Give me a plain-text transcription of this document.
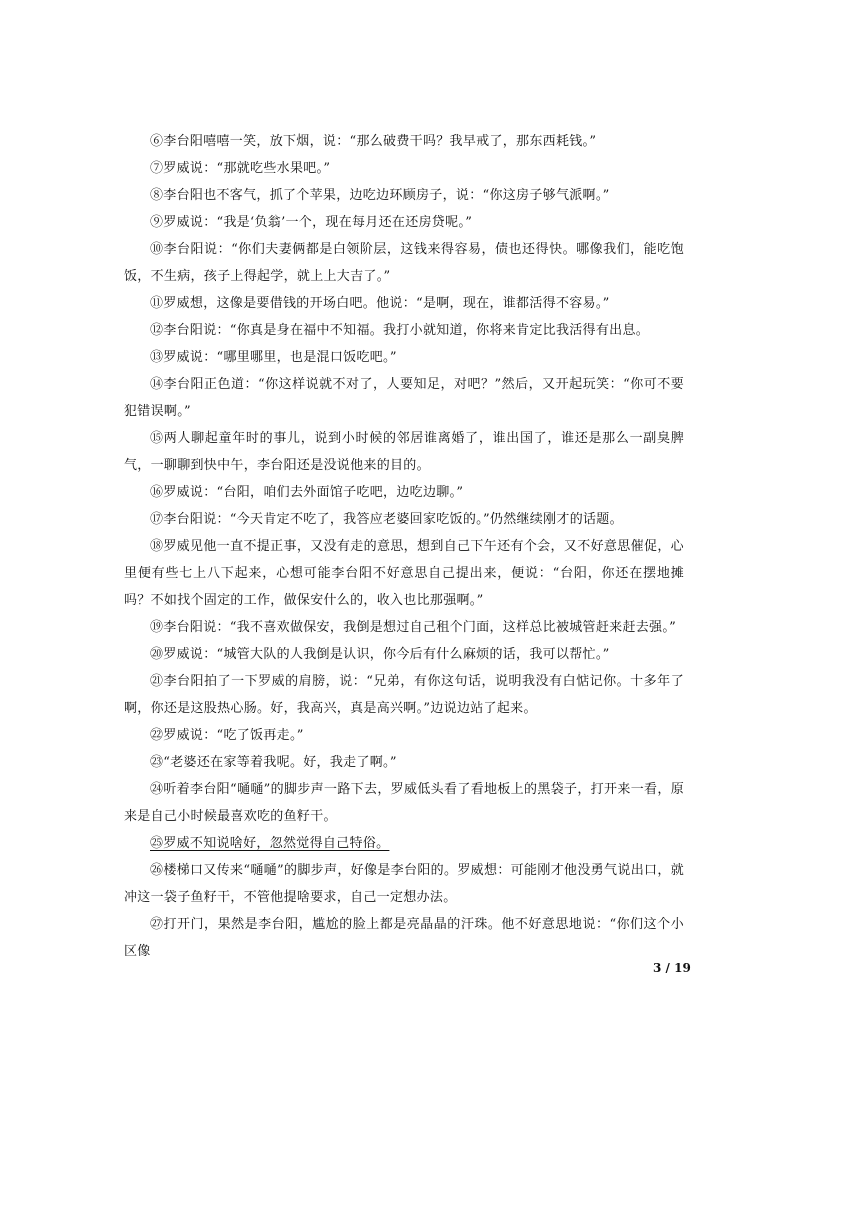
⑥李台阳嘻嘻一笑，放下烟，说：“那么破费干吗？我早戒了，那东西耗钱。”

⑦罗威说：“那就吃些水果吧。”

⑧李台阳也不客气，抓了个苹果，边吃边环顾房子，说：“你这房子够气派啊。”

⑨罗威说：“我是‘负翁’一个，现在每月还在还房贷呢。”

⑩李台阳说：“你们夫妻俩都是白领阶层，这钱来得容易，债也还得快。哪像我们，能吃饱饭，不生病，孩子上得起学，就上上大吉了。”

⑪罗威想，这像是要借钱的开场白吧。他说：“是啊，现在，谁都活得不容易。”

⑫李台阳说：“你真是身在福中不知福。我打小就知道，你将来肯定比我活得有出息。

⑬罗威说：“哪里哪里，也是混口饭吃吧。”

⑭李台阳正色道：“你这样说就不对了，人要知足，对吧？”然后，又开起玩笑：“你可不要犯错误啊。”

⑮两人聊起童年时的事儿，说到小时候的邻居谁离婚了，谁出国了，谁还是那么一副臭脾气，一聊聊到快中午，李台阳还是没说他来的目的。

⑯罗威说：“台阳，咱们去外面馆子吃吧，边吃边聊。”

⑰李台阳说：“今天肯定不吃了，我答应老婆回家吃饭的。”仍然继续刚才的话题。

⑱罗威见他一直不提正事，又没有走的意思，想到自己下午还有个会，又不好意思催促，心里便有些七上八下起来，心想可能李台阳不好意思自己提出来，便说：“台阳，你还在摆地摊吗？不如找个固定的工作，做保安什么的，收入也比那强啊。”

⑲李台阳说：“我不喜欢做保安，我倒是想过自己租个门面，这样总比被城管赶来赶去强。”

⑳罗威说：“城管大队的人我倒是认识，你今后有什么麻烦的话，我可以帮忙。”

㉑李台阳拍了一下罗威的肩膀，说：“兄弟，有你这句话，说明我没有白惦记你。十多年了啊，你还是这股热心肠。好，我高兴，真是高兴啊。”边说边站了起来。

㉒罗威说：“吃了饭再走。”

㉓“老婆还在家等着我呢。好，我走了啊。”

㉔听着李台阳“嗵嗵”的脚步声一路下去，罗威低头看了看地板上的黑袋子，打开来一看，原来是自己小时候最喜欢吃的鱼籽干。

㉕罗威不知说啥好，忽然觉得自己特俗。

㉖楼梯口又传来“嗵嗵”的脚步声，好像是李台阳的。罗威想：可能刚才他没勇气说出口，就冲这一袋子鱼籽干，不管他提啥要求，自己一定想办法。

㉗打开门，果然是李台阳，尴尬的脸上都是亮晶晶的汗珠。他不好意思地说：“你们这个小区像

3 / 19
